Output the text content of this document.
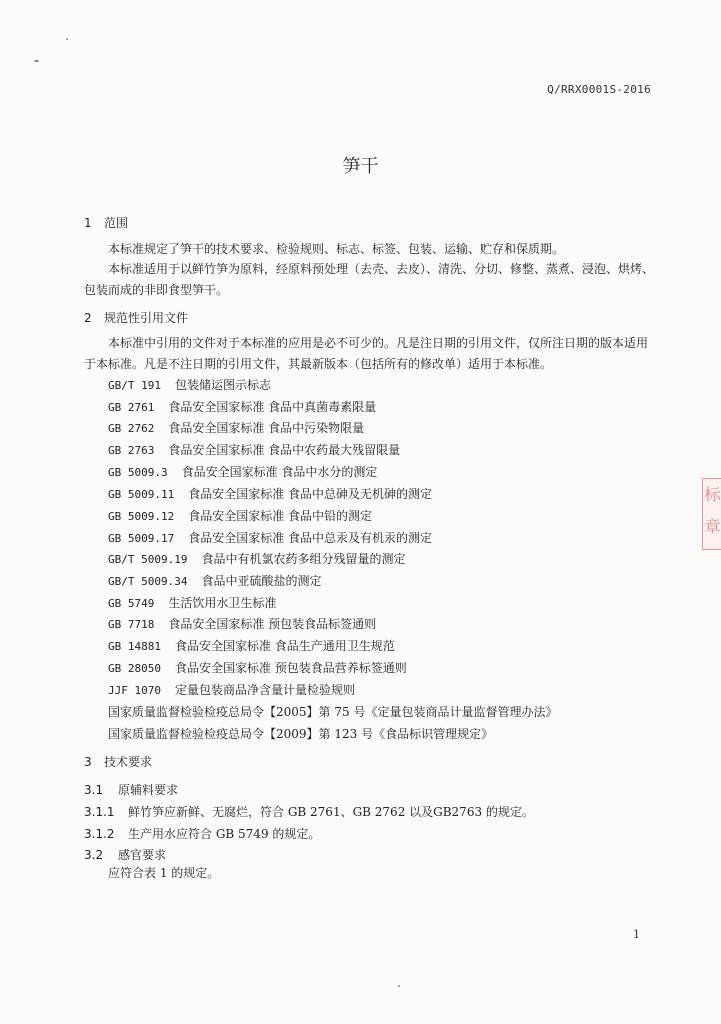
Q/RRX0001S-2016
笋干
1 范围
本标准规定了笋干的技术要求、检验规则、标志、标签、包装、运输、贮存和保质期。
本标准适用于以鲜竹笋为原料，经原料预处理（去壳、去皮）、清洗、分切、修整、蒸煮、浸泡、烘烤、包装而成的非即食型笋干。
2 规范性引用文件
本标准中引用的文件对于本标准的应用是必不可少的。凡是注日期的引用文件，仅所注日期的版本适用于本标准。凡是不注日期的引用文件，其最新版本（包括所有的修改单）适用于本标准。
GB/T 191 包装储运图示标志
GB 2761 食品安全国家标准 食品中真菌毒素限量
GB 2762 食品安全国家标准 食品中污染物限量
GB 2763 食品安全国家标准 食品中农药最大残留限量
GB 5009.3 食品安全国家标准 食品中水分的测定
GB 5009.11 食品安全国家标准 食品中总砷及无机砷的测定
GB 5009.12 食品安全国家标准 食品中铅的测定
GB 5009.17 食品安全国家标准 食品中总汞及有机汞的测定
GB/T 5009.19 食品中有机氯农药多组分残留量的测定
GB/T 5009.34 食品中亚硫酸盐的测定
GB 5749 生活饮用水卫生标准
GB 7718 食品安全国家标准 预包装食品标签通则
GB 14881 食品安全国家标准 食品生产通用卫生规范
GB 28050 食品安全国家标准 预包装食品营养标签通则
JJF 1070 定量包装商品净含量计量检验规则
国家质量监督检验检疫总局令【2005】第 75 号《定量包装商品计量监督管理办法》
国家质量监督检验检疫总局令【2009】第 123 号《食品标识管理规定》
3 技术要求
3.1 原辅料要求
3.1.1 鲜竹笋应新鲜、无腐烂，符合 GB 2761、GB 2762 以及GB2763 的规定。
3.1.2 生产用水应符合 GB 5749 的规定。
3.2 感官要求
应符合表 1 的规定。
1
标
章
